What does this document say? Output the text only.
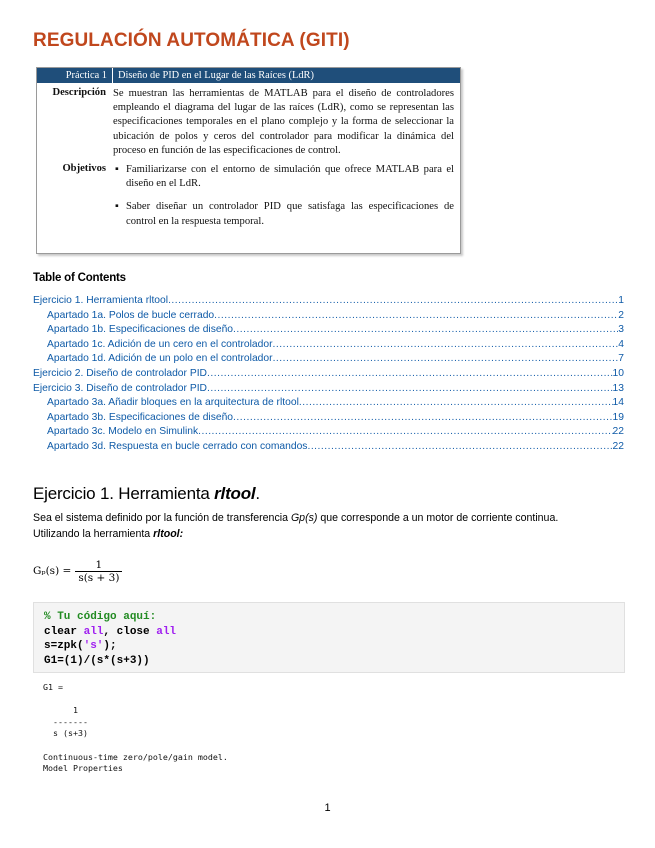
REGULACIÓN AUTOMÁTICA (GITI)
Práctica 1	Diseño de PID en el Lugar de las Raíces (LdR)
Descripción Se muestran las herramientas de MATLAB para el diseño de controladores empleando el diagrama del lugar de las raíces (LdR), como se representan las especificaciones temporales en el plano complejo y la forma de seleccionar la ubicación de polos y ceros del controlador para modificar la dinámica del proceso en función de las especificaciones de control.
Objetivos ▪ Familiarizarse con el entorno de simulación que ofrece MATLAB para el diseño en el LdR.
▪ Saber diseñar un controlador PID que satisfaga las especificaciones de control en la respuesta temporal.
Table of Contents
Ejercicio 1. Herramienta rltool .....	1
Apartado 1a. Polos de bucle cerrado .....	2
Apartado 1b. Especificaciones de diseño .....	3
Apartado 1c. Adición de un cero en el controlador .....	4
Apartado 1d. Adición de un polo en el controlador .....	7
Ejercicio 2. Diseño de controlador PID .....	10
Ejercicio 3. Diseño de controlador PID .....	13
Apartado 3a. Añadir bloques en la arquitectura de rltool .....	14
Apartado 3b. Especificaciones de diseño .....	19
Apartado 3c. Modelo en Simulink .....	22
Apartado 3d. Respuesta en bucle cerrado con comandos .....	22
Ejercicio 1. Herramienta rltool.

Sea el sistema definido por la función de transferencia Gp(s) que corresponde a un motor de corriente continua. Utilizando la herramienta rltool:

$G_p(s) = \frac{1}{s(s + 3)}$
% Tu código aquí:
clear all, close all
s=zpk('s');
G1=(1)/(s*(s+3))
G1 =
1
-------
s (s+3)
Continuous-time zero/pole/gain model.
Model Properties
1
